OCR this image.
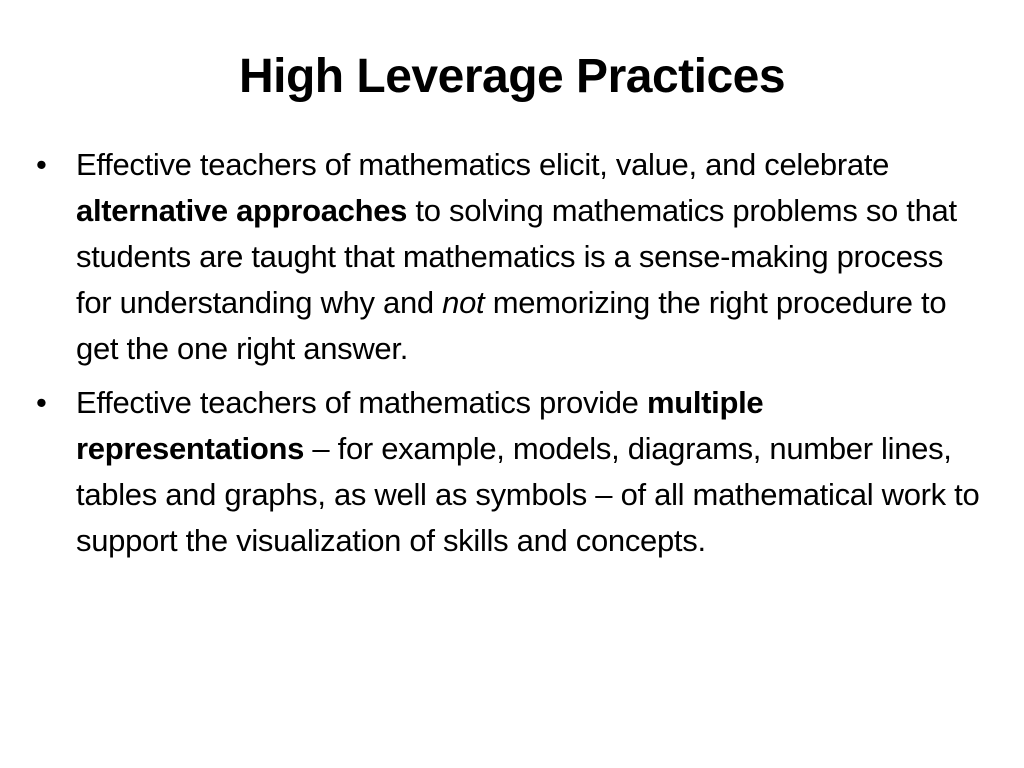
High Leverage Practices
• Effective teachers of mathematics elicit, value, and celebrate alternative approaches to solving mathematics problems so that students are taught that mathematics is a sense-making process for understanding why and not memorizing the right procedure to get the one right answer.
• Effective teachers of mathematics provide multiple representations – for example, models, diagrams, number lines, tables and graphs, as well as symbols – of all mathematical work to support the visualization of skills and concepts.
